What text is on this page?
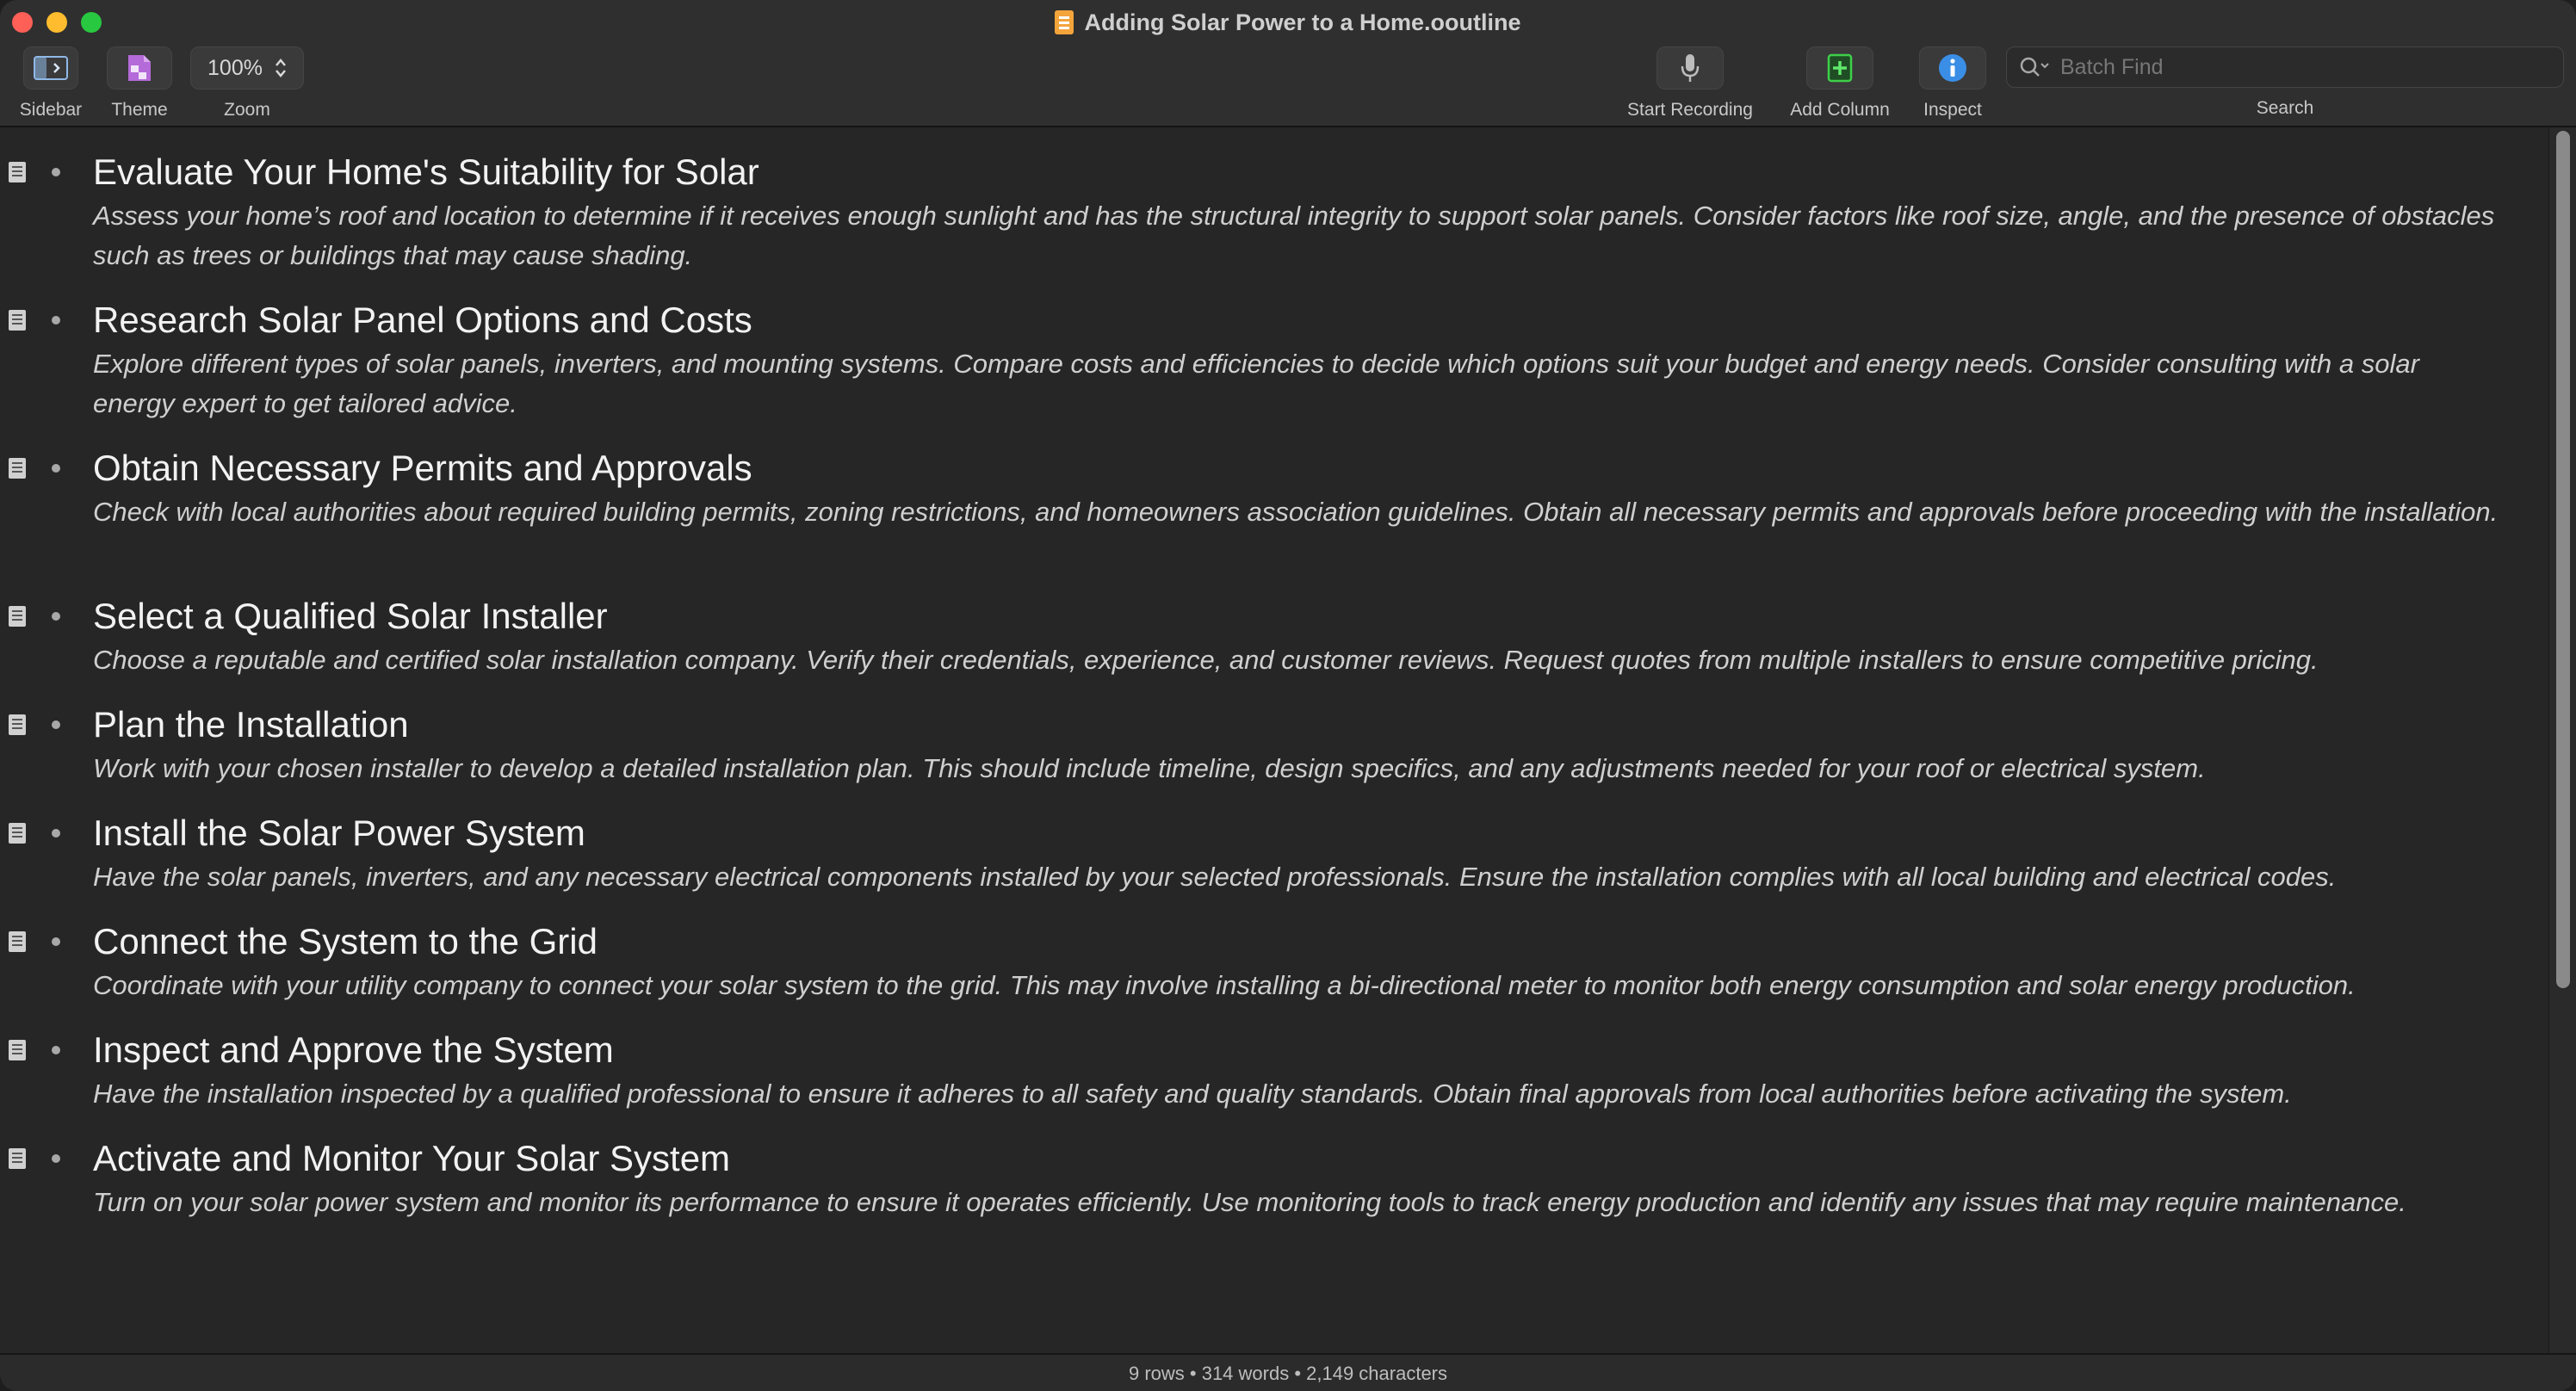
Adding Solar Power to a Home.ooutline
Sidebar Theme
100%
Zoom	Start Recording Add Column Inspect
Batch Find	Search
Evaluate Your Home's Suitability for Solar
Assess your home’s roof and location to determine if it receives enough sunlight and has the structural integrity to support solar panels. Consider factors like roof size, angle, and the presence of obstacles such as trees or buildings that may cause shading.
Research Solar Panel Options and Costs
Explore different types of solar panels, inverters, and mounting systems. Compare costs and efficiencies to decide which options suit your budget and energy needs. Consider consulting with a solar energy expert to get tailored advice.
Obtain Necessary Permits and Approvals
Check with local authorities about required building permits, zoning restrictions, and homeowners association guidelines. Obtain all necessary permits and approvals before proceeding with the installation.
Select a Qualified Solar Installer
Choose a reputable and certified solar installation company. Verify their credentials, experience, and customer reviews. Request quotes from multiple installers to ensure competitive pricing.
Plan the Installation
Work with your chosen installer to develop a detailed installation plan. This should include timeline, design specifics, and any adjustments needed for your roof or electrical system.
Install the Solar Power System
Have the solar panels, inverters, and any necessary electrical components installed by your selected professionals. Ensure the installation complies with all local building and electrical codes.
Connect the System to the Grid
Coordinate with your utility company to connect your solar system to the grid. This may involve installing a bi-directional meter to monitor both energy consumption and solar energy production.
Inspect and Approve the System
Have the installation inspected by a qualified professional to ensure it adheres to all safety and quality standards. Obtain final approvals from local authorities before activating the system.
Activate and Monitor Your Solar System
Turn on your solar power system and monitor its performance to ensure it operates efficiently. Use monitoring tools to track energy production and identify any issues that may require maintenance.
9 rows • 314 words • 2,149 characters
